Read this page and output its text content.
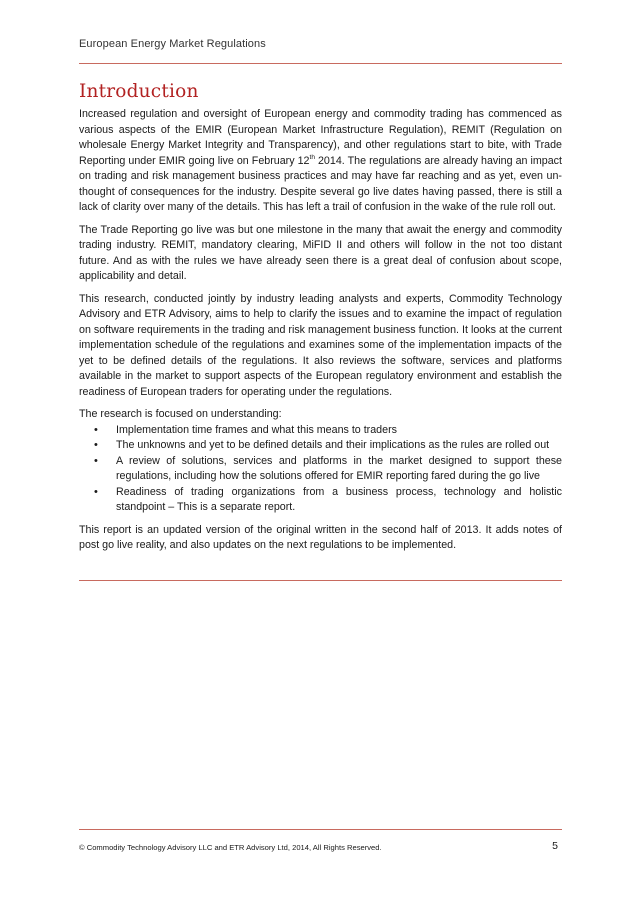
European Energy Market Regulations
Introduction

Increased regulation and oversight of European energy and commodity trading has commenced as various aspects of the EMIR (European Market Infrastructure Regulation), REMIT (Regulation on wholesale Energy Market Integrity and Transparency), and other regulations start to bite, with Trade Reporting under EMIR going live on February 12th 2014. The regulations are already having an impact on trading and risk management business practices and may have far reaching and as yet, even un-thought of consequences for the industry. Despite several go live dates having passed, there is still a lack of clarity over many of the details. This has left a trail of confusion in the wake of the rule roll out.

The Trade Reporting go live was but one milestone in the many that await the energy and commodity trading industry. REMIT, mandatory clearing, MiFID II and others will follow in the not too distant future. And as with the rules we have already seen there is a great deal of confusion about scope, applicability and detail.

This research, conducted jointly by industry leading analysts and experts, Commodity Technology Advisory and ETR Advisory, aims to help to clarify the issues and to examine the impact of regulation on software requirements in the trading and risk management business function. It looks at the current implementation schedule of the regulations and examines some of the implementation impacts of the yet to be defined details of the regulations. It also reviews the software, services and platforms available in the market to support aspects of the European regulatory environment and establish the readiness of European traders for operating under the regulations.

The research is focused on understanding:

• Implementation time frames and what this means to traders
• The unknowns and yet to be defined details and their implications as the rules are rolled out
• A review of solutions, services and platforms in the market designed to support these regulations, including how the solutions offered for EMIR reporting fared during the go live
• Readiness of trading organizations from a business process, technology and holistic standpoint – This is a separate report.

This report is an updated version of the original written in the second half of 2013. It adds notes of post go live reality, and also updates on the next regulations to be implemented.

© Commodity Technology Advisory LLC and ETR Advisory Ltd, 2014, All Rights Reserved.	5
